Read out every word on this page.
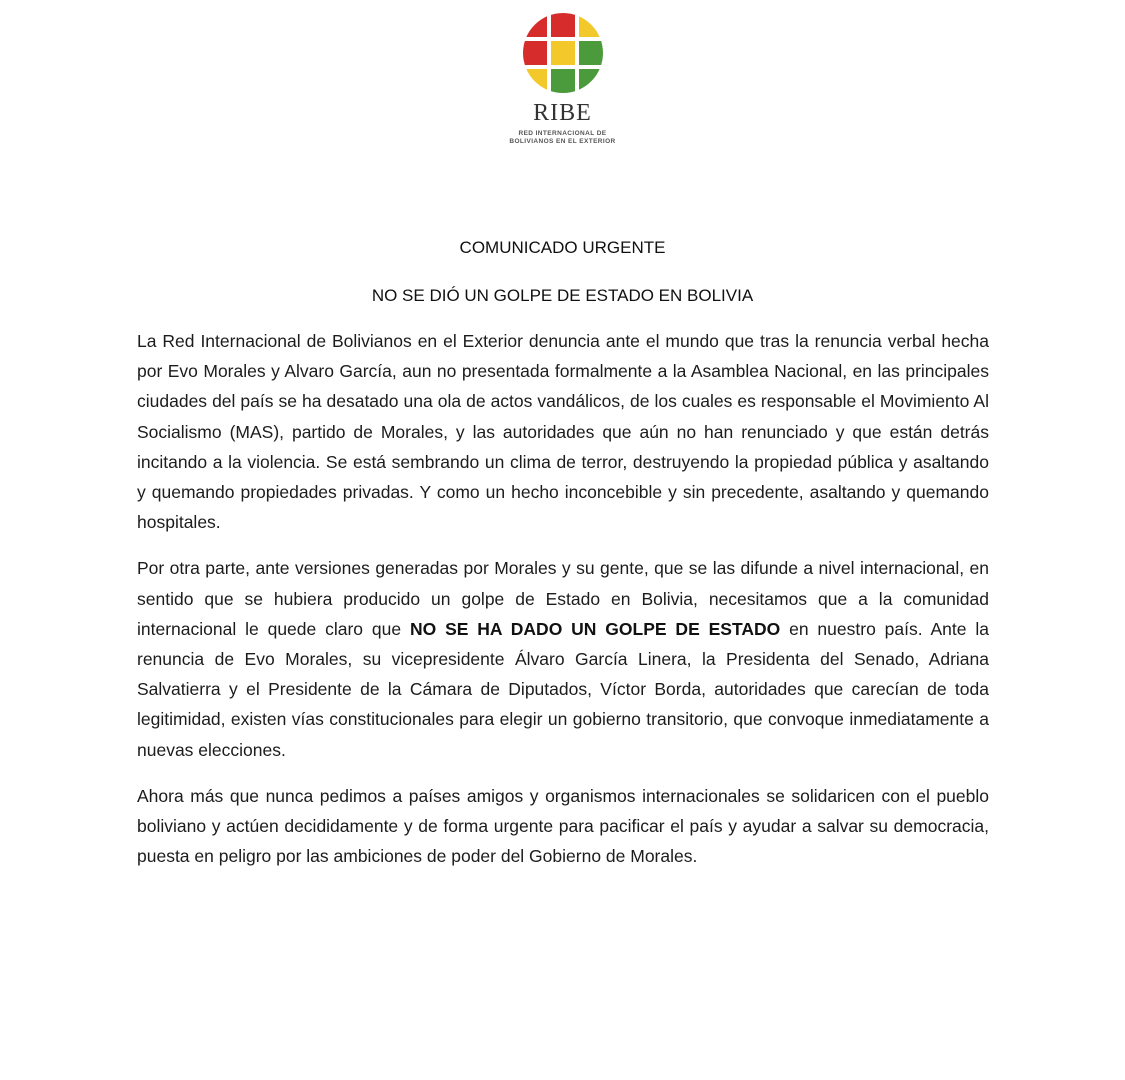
RIBE
RED INTERNACIONAL DE
BOLIVIANOS EN EL EXTERIOR
COMUNICADO URGENTE
NO SE DIÓ UN GOLPE DE ESTADO EN BOLIVIA

La Red Internacional de Bolivianos en el Exterior denuncia ante el mundo que tras la renuncia verbal hecha por Evo Morales y Alvaro García, aun no presentada formalmente a la Asamblea Nacional, en las principales ciudades del país se ha desatado una ola de actos vandálicos, de los cuales es responsable el Movimiento Al Socialismo (MAS), partido de Morales, y las autoridades que aún no han renunciado y que están detrás incitando a la violencia. Se está sembrando un clima de terror, destruyendo la propiedad pública y asaltando y quemando propiedades privadas. Y como un hecho inconcebible y sin precedente, asaltando y quemando hospitales.

Por otra parte, ante versiones generadas por Morales y su gente, que se las difunde a nivel internacional, en sentido que se hubiera producido un golpe de Estado en Bolivia, necesitamos que a la comunidad internacional le quede claro que NO SE HA DADO UN GOLPE DE ESTADO en nuestro país. Ante la renuncia de Evo Morales, su vicepresidente Álvaro García Linera, la Presidenta del Senado, Adriana Salvatierra y el Presidente de la Cámara de Diputados, Víctor Borda, autoridades que carecían de toda legitimidad, existen vías constitucionales para elegir un gobierno transitorio, que convoque inmediatamente a nuevas elecciones.

Ahora más que nunca pedimos a países amigos y organismos internacionales se solidaricen con el pueblo boliviano y actúen decididamente y de forma urgente para pacificar el país y ayudar a salvar su democracia, puesta en peligro por las ambiciones de poder del Gobierno de Morales.
